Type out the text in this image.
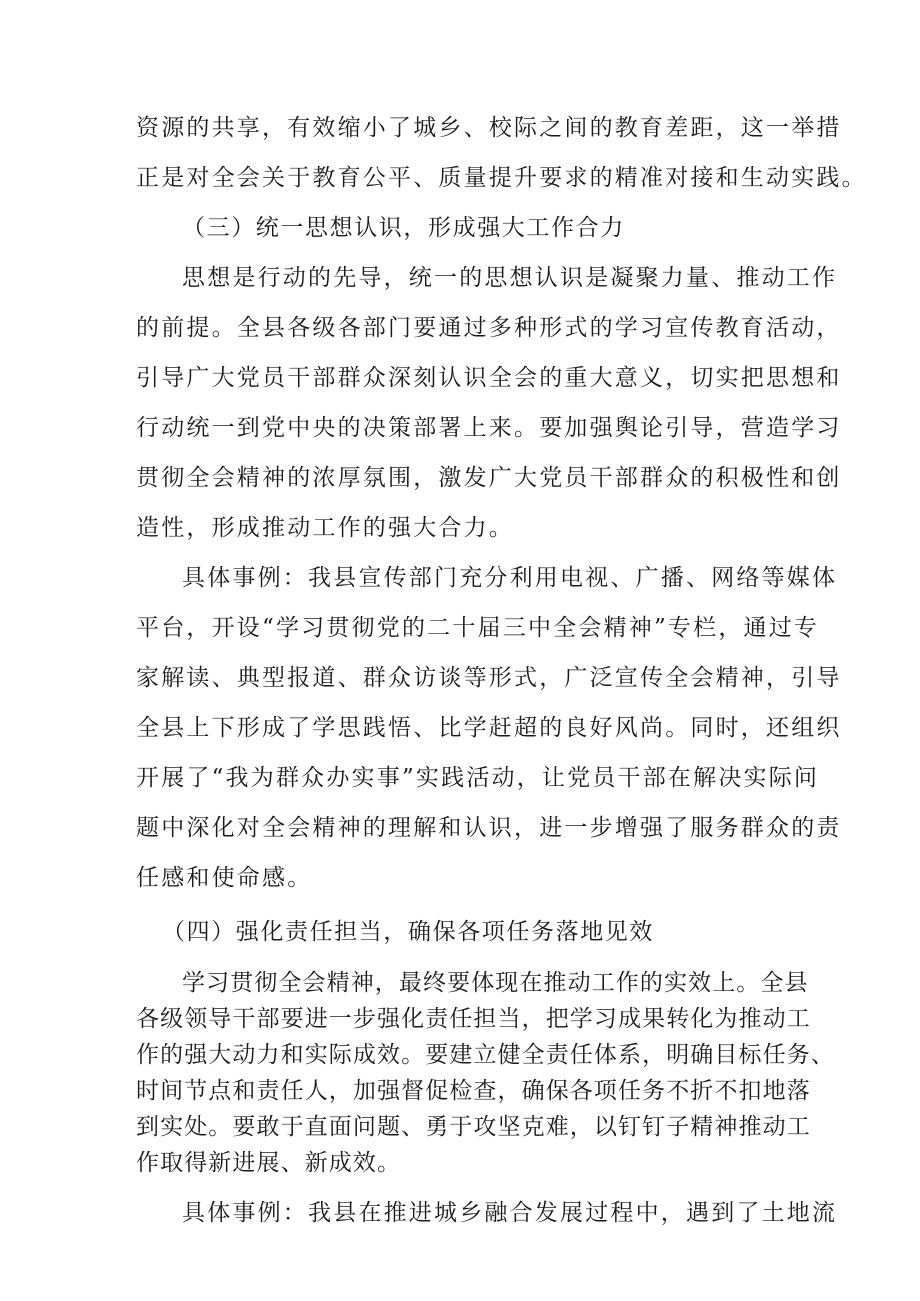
资源的共享，有效缩小了城乡、校际之间的教育差距，这一举措
正是对全会关于教育公平、质量提升要求的精准对接和生动实践。
（三）统一思想认识，形成强大工作合力
思想是行动的先导，统一的思想认识是凝聚力量、推动工作
的前提。全县各级各部门要通过多种形式的学习宣传教育活动，
引导广大党员干部群众深刻认识全会的重大意义，切实把思想和
行动统一到党中央的决策部署上来。要加强舆论引导，营造学习
贯彻全会精神的浓厚氛围，激发广大党员干部群众的积极性和创
造性，形成推动工作的强大合力。
具体事例：我县宣传部门充分利用电视、广播、网络等媒体
平台，开设“学习贯彻党的二十届三中全会精神”专栏，通过专
家解读、典型报道、群众访谈等形式，广泛宣传全会精神，引导
全县上下形成了学思践悟、比学赶超的良好风尚。同时，还组织
开展了“我为群众办实事”实践活动，让党员干部在解决实际问
题中深化对全会精神的理解和认识，进一步增强了服务群众的责
任感和使命感。
（四）强化责任担当，确保各项任务落地见效
学习贯彻全会精神，最终要体现在推动工作的实效上。全县
各级领导干部要进一步强化责任担当，把学习成果转化为推动工
作的强大动力和实际成效。要建立健全责任体系，明确目标任务、
时间节点和责任人，加强督促检查，确保各项任务不折不扣地落
到实处。要敢于直面问题、勇于攻坚克难，以钉钉子精神推动工
作取得新进展、新成效。
具体事例：我县在推进城乡融合发展过程中，遇到了土地流
